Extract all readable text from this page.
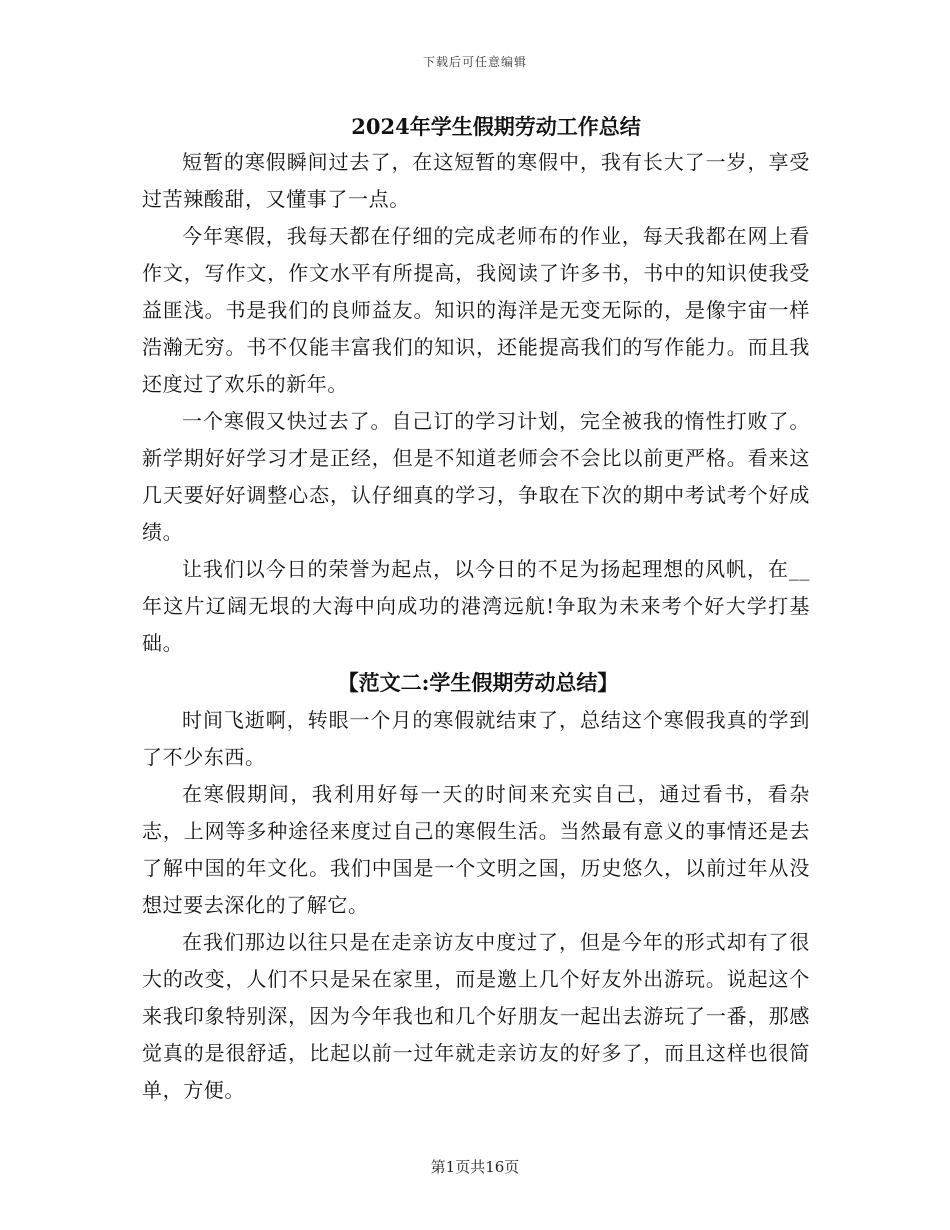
下载后可任意编辑
2024年学生假期劳动工作总结

短暂的寒假瞬间过去了，在这短暂的寒假中，我有长大了一岁，享受过苦辣酸甜，又懂事了一点。

今年寒假，我每天都在仔细的完成老师布的作业，每天我都在网上看作文，写作文，作文水平有所提高，我阅读了许多书，书中的知识使我受益匪浅。书是我们的良师益友。知识的海洋是无变无际的，是像宇宙一样浩瀚无穷。书不仅能丰富我们的知识，还能提高我们的写作能力。而且我还度过了欢乐的新年。

一个寒假又快过去了。自己订的学习计划，完全被我的惰性打败了。新学期好好学习才是正经，但是不知道老师会不会比以前更严格。看来这几天要好好调整心态，认仔细真的学习，争取在下次的期中考试考个好成绩。

让我们以今日的荣誉为起点，以今日的不足为扬起理想的风帆，在__年这片辽阔无垠的大海中向成功的港湾远航!争取为未来考个好大学打基础。

【范文二:学生假期劳动总结】

时间飞逝啊，转眼一个月的寒假就结束了，总结这个寒假我真的学到了不少东西。

在寒假期间，我利用好每一天的时间来充实自己，通过看书，看杂志，上网等多种途径来度过自己的寒假生活。当然最有意义的事情还是去了解中国的年文化。我们中国是一个文明之国，历史悠久，以前过年从没想过要去深化的了解它。

在我们那边以往只是在走亲访友中度过了，但是今年的形式却有了很大的改变，人们不只是呆在家里，而是邀上几个好友外出游玩。说起这个来我印象特别深，因为今年我也和几个好朋友一起出去游玩了一番，那感觉真的是很舒适，比起以前一过年就走亲访友的好多了，而且这样也很简单，方便。

第1页共16页
